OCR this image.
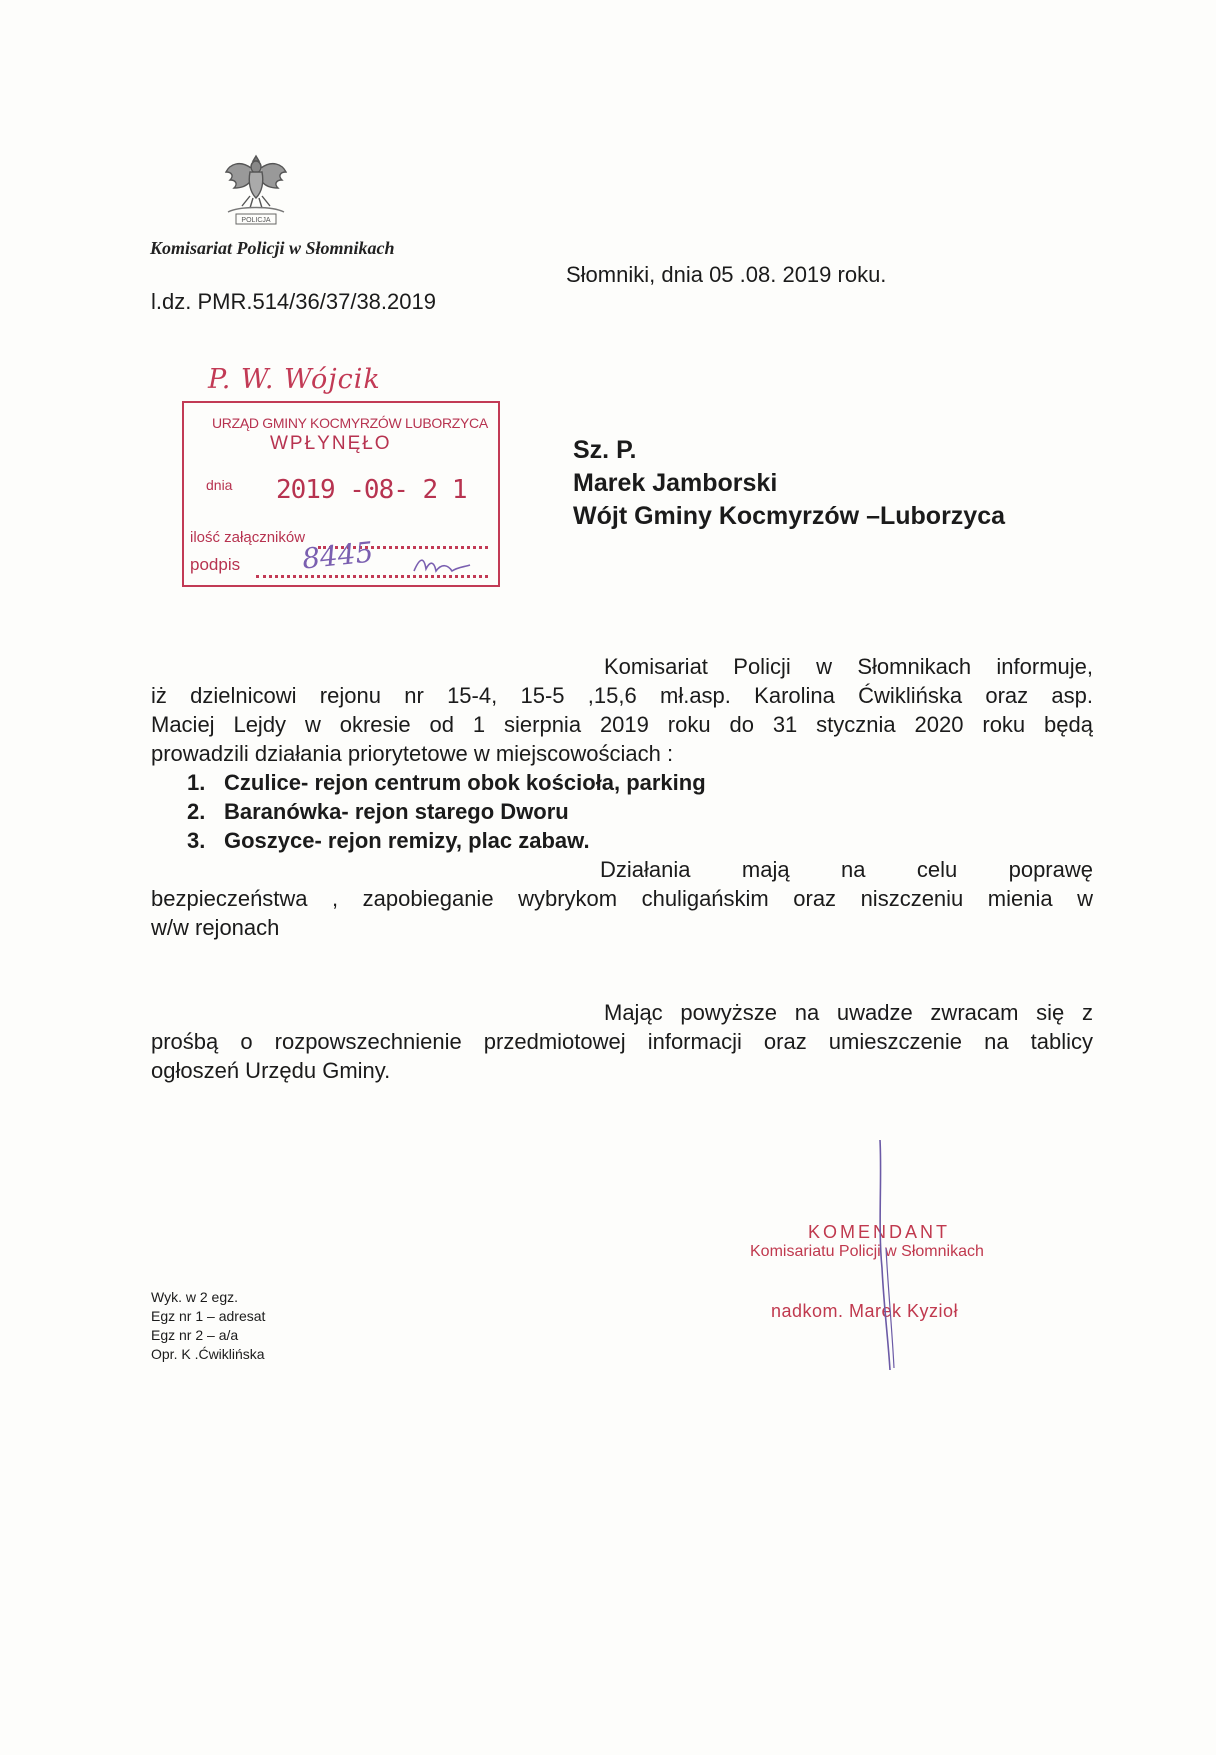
POLICJA
Komisariat Policji w Słomnikach
l.dz. PMR.514/36/37/38.2019
Słomniki, dnia 05 .08. 2019 roku.
P. W. Wójcik
URZĄD GMINY KOCMYRZÓW LUBORZYCA
WPŁYNĘŁO
dnia 2019 -08- 2 1
ilość załączników
podpis 8445
Sz. P.
Marek Jamborski
Wójt Gminy Kocmyrzów –Luborzyca
Komisariat Policji w Słomnikach informuje,
iż dzielnicowi rejonu nr 15-4, 15-5 ,15,6 mł.asp. Karolina Ćwiklińska oraz asp.
Maciej Lejdy w okresie od 1 sierpnia 2019 roku do 31 stycznia 2020 roku będą
prowadzili działania priorytetowe w miejscowościach :
1. Czulice- rejon centrum obok kościoła, parking
2. Baranówka- rejon starego Dworu
3. Goszyce- rejon remizy, plac zabaw.
Działania mają na celu poprawę
bezpieczeństwa , zapobieganie wybrykom chuligańskim oraz niszczeniu mienia w
w/w rejonach
Mając powyższe na uwadze zwracam się z
prośbą o rozpowszechnienie przedmiotowej informacji oraz umieszczenie na tablicy
ogłoszeń Urzędu Gminy.
Wyk. w 2 egz.
Egz nr 1 – adresat
Egz nr 2 – a/a
Opr. K .Ćwiklińska
KOMENDANT
Komisariatu Policji w Słomnikach
nadkom. Marek Kyzioł
